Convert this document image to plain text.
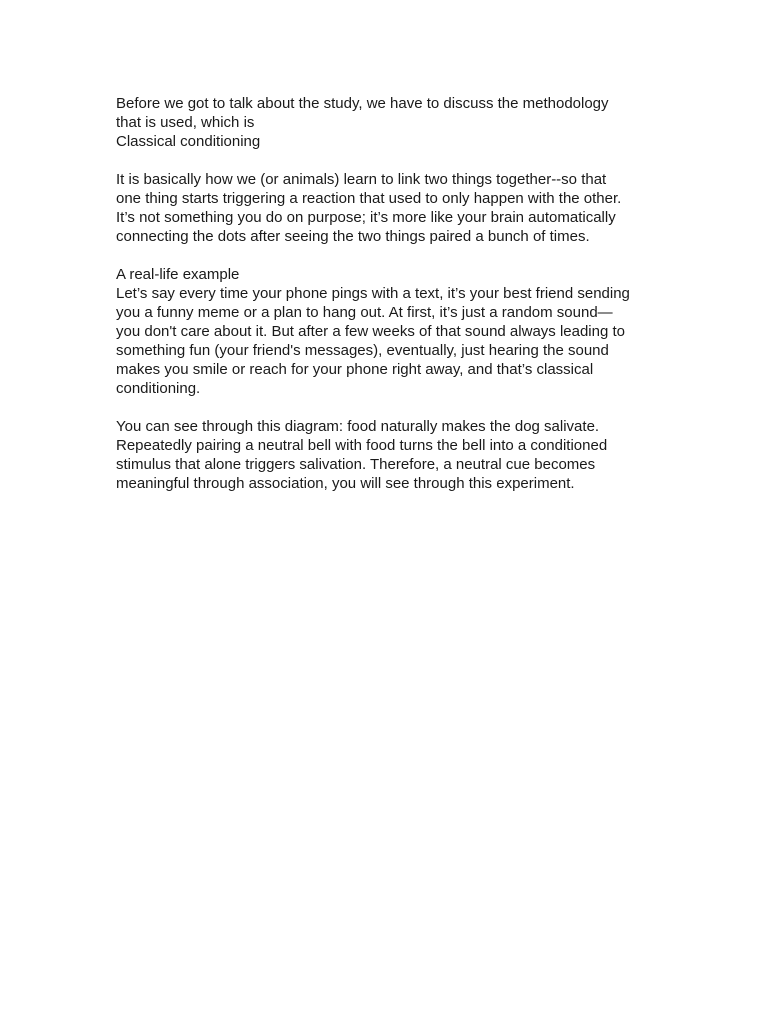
Before we got to talk about the study, we have to discuss the methodology
that is used, which is
Classical conditioning
It is basically how we (or animals) learn to link two things together--so that
one thing starts triggering a reaction that used to only happen with the other.
It’s not something you do on purpose; it’s more like your brain automatically
connecting the dots after seeing the two things paired a bunch of times.
A real-life example
Let’s say every time your phone pings with a text, it’s your best friend sending
you a funny meme or a plan to hang out. At first, it’s just a random sound—
you don't care about it. But after a few weeks of that sound always leading to
something fun (your friend's messages), eventually, just hearing the sound
makes you smile or reach for your phone right away, and that’s classical
conditioning.
You can see through this diagram: food naturally makes the dog salivate.
Repeatedly pairing a neutral bell with food turns the bell into a conditioned
stimulus that alone triggers salivation. Therefore, a neutral cue becomes
meaningful through association, you will see through this experiment.
